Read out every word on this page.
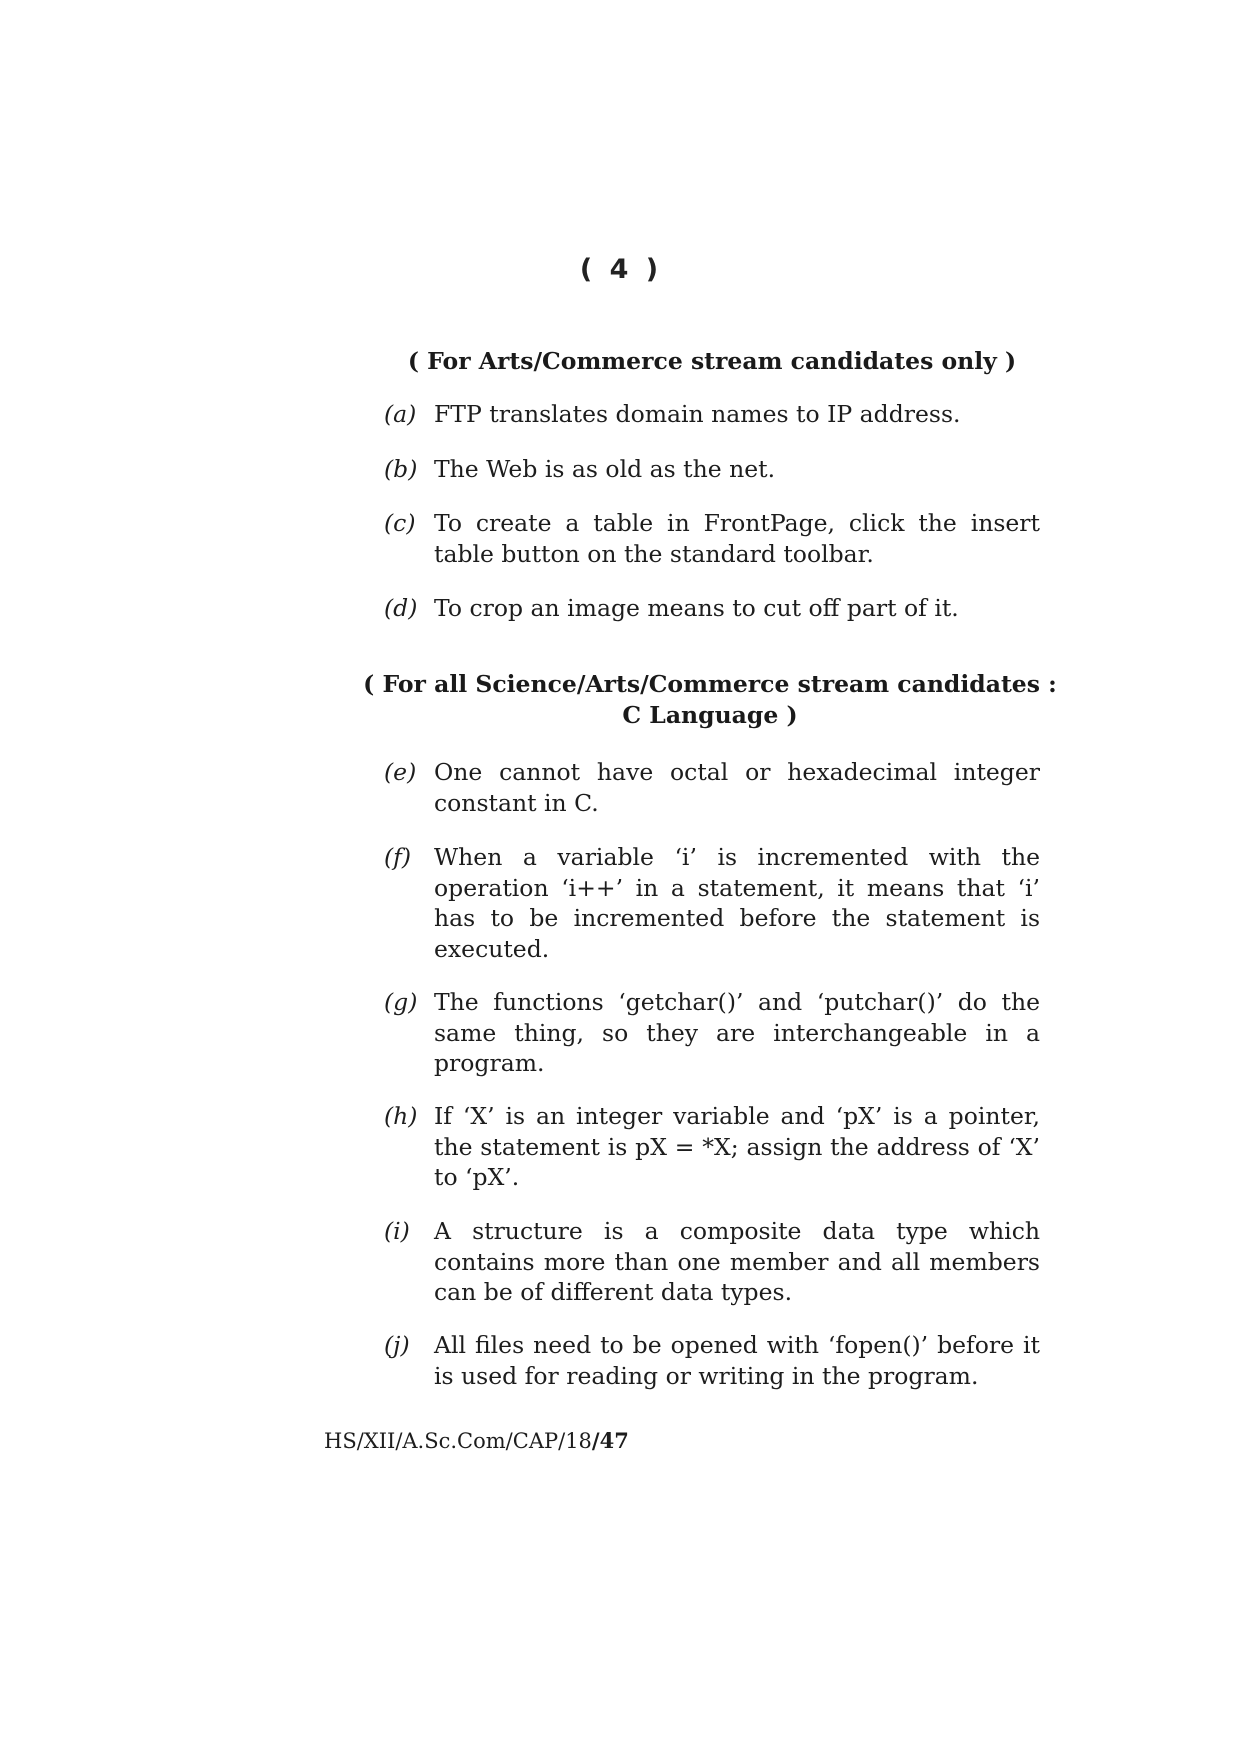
( 4 )
( For Arts/Commerce stream candidates only )
(a) FTP translates domain names to IP address.
(b) The Web is as old as the net.
(c) To create a table in FrontPage, click the insert table button on the standard toolbar.
(d) To crop an image means to cut off part of it.
( For all Science/Arts/Commerce stream candidates :
C Language )
(e) One cannot have octal or hexadecimal integer constant in C.
(f) When a variable ‘i’ is incremented with the operation ‘i++’ in a statement, it means that ‘i’ has to be incremented before the statement is executed.
(g) The functions ‘getchar()’ and ‘putchar()’ do the same thing, so they are interchangeable in a program.
(h) If ‘X’ is an integer variable and ‘pX’ is a pointer, the statement is pX = *X; assign the address of ‘X’ to ‘pX’.
(i) A structure is a composite data type which contains more than one member and all members can be of different data types.
(j) All files need to be opened with ‘fopen()’ before it is used for reading or writing in the program.
HS/XII/A.Sc.Com/CAP/18/47
